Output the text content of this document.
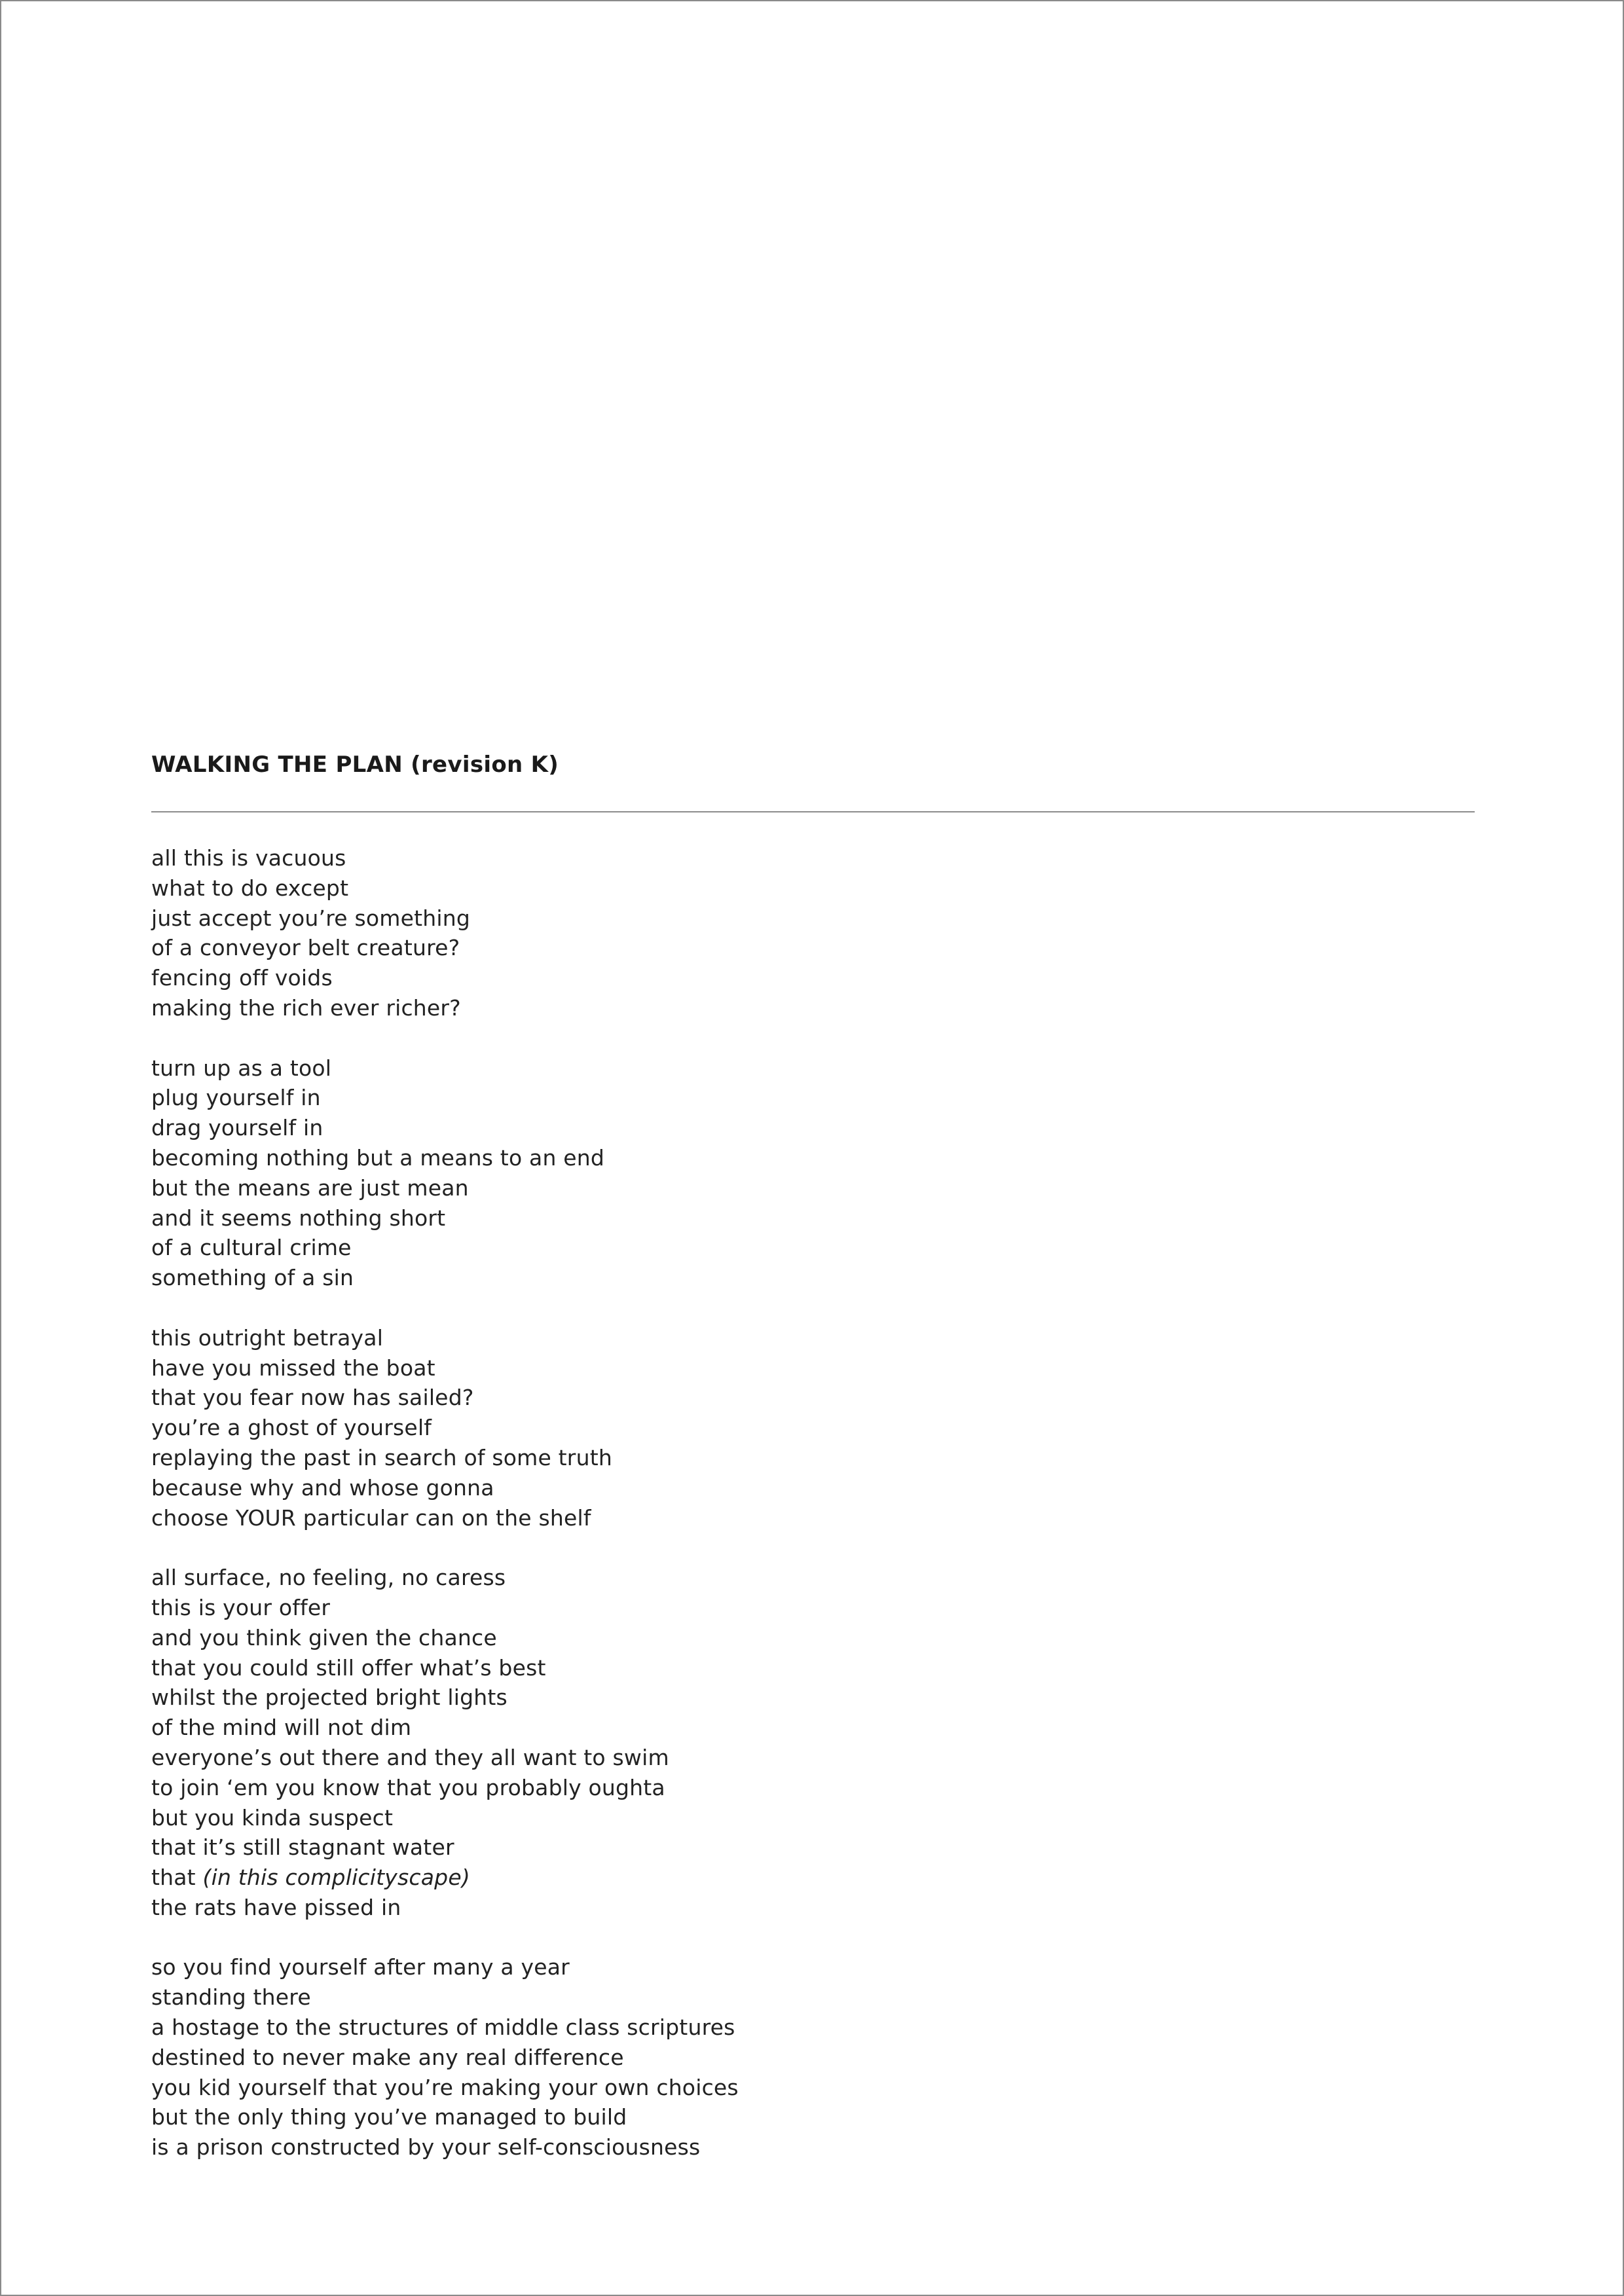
WALKING THE PLAN (revision K)
all this is vacuous
what to do except
just accept you’re something
of a conveyor belt creature?
fencing off voids
making the rich ever richer?
turn up as a tool
plug yourself in
drag yourself in
becoming nothing but a means to an end
but the means are just mean
and it seems nothing short
of a cultural crime
something of a sin
this outright betrayal
have you missed the boat
that you fear now has sailed?
you’re a ghost of yourself
replaying the past in search of some truth
because why and whose gonna
choose YOUR particular can on the shelf
all surface, no feeling, no caress
this is your offer
and you think given the chance
that you could still offer what’s best
whilst the projected bright lights
of the mind will not dim
everyone’s out there and they all want to swim
to join ‘em you know that you probably oughta
but you kinda suspect
that it’s still stagnant water
that (in this complicityscape)
the rats have pissed in
so you find yourself after many a year
standing there
a hostage to the structures of middle class scriptures
destined to never make any real difference
you kid yourself that you’re making your own choices
but the only thing you’ve managed to build
is a prison constructed by your self-consciousness
